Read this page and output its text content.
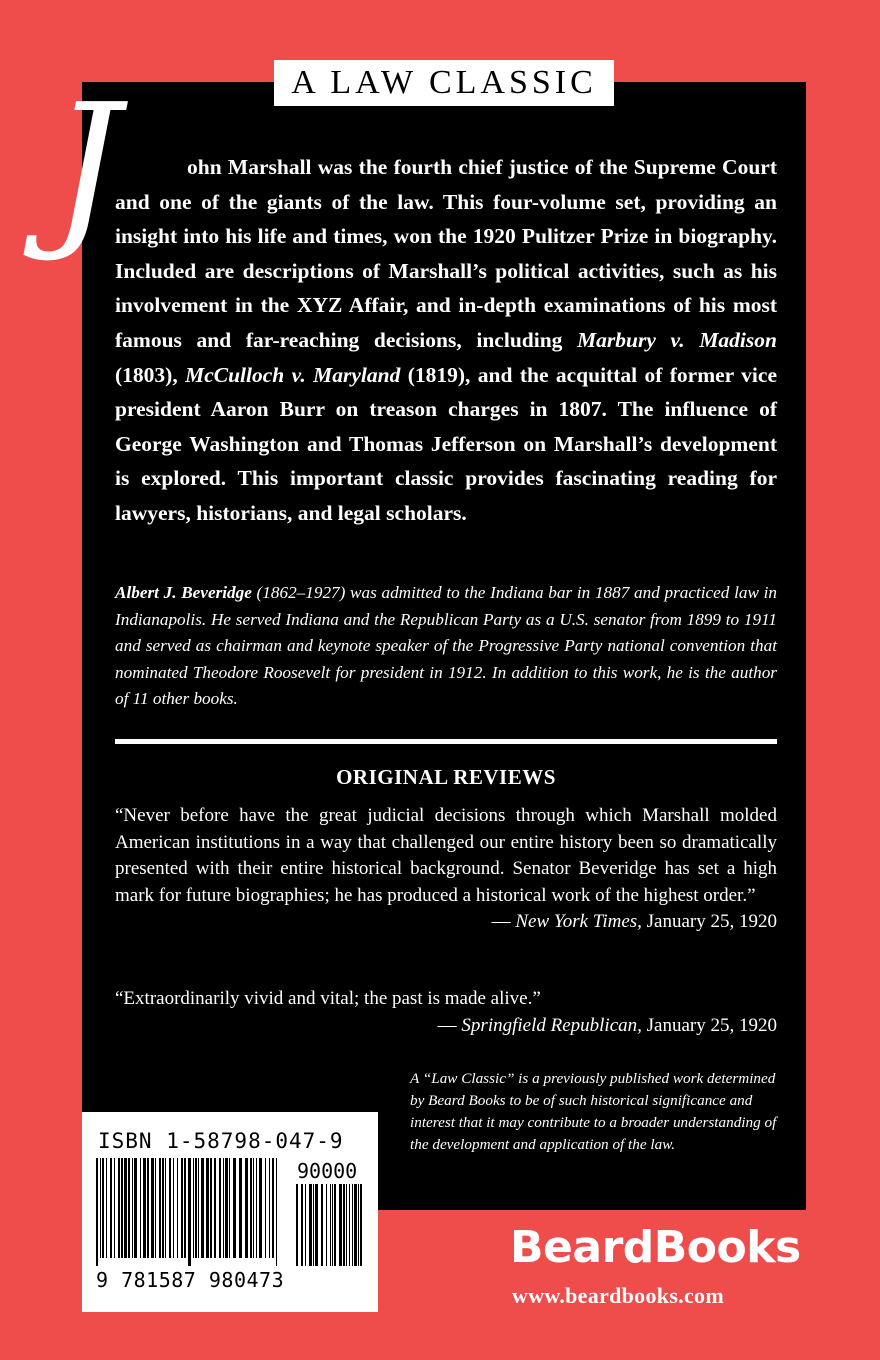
A LAW CLASSIC
J	ohn Marshall was the fourth chief justice of the Supreme Court and one of the giants of the law. This four-volume set, providing an insight into his life and times, won the 1920 Pulitzer Prize in biography. Included are descriptions of Marshall’s political activities, such as his involvement in the XYZ Affair, and in-depth examinations of his most famous and far-reaching decisions, including Marbury v. Madison (1803), McCulloch v. Maryland (1819), and the acquittal of former vice president Aaron Burr on treason charges in 1807. The influence of George Washington and Thomas Jefferson on Marshall’s development is explored. This important classic provides fascinating reading for lawyers, historians, and legal scholars.

Albert J. Beveridge (1862–1927) was admitted to the Indiana bar in 1887 and practiced law in Indianapolis. He served Indiana and the Republican Party as a U.S. senator from 1899 to 1911 and served as chairman and keynote speaker of the Progressive Party national convention that nominated Theodore Roosevelt for president in 1912. In addition to this work, he is the author of 11 other books.
ORIGINAL REVIEWS

“Never before have the great judicial decisions through which Marshall molded American institutions in a way that challenged our entire history been so dramatically presented with their entire historical background. Senator Beveridge has set a high mark for future biographies; he has produced a historical work of the highest order.”

— New York Times, January 25, 1920

“Extraordinarily vivid and vital; the past is made alive.”

— Springfield Republican, January 25, 1920

A “Law Classic” is a previously published work determined by Beard Books to be of such historical significance and interest that it may contribute to a broader understanding of the development and application of the law.
ISBN 1-58798-047-9
90000
9 781587 980473
BeardBooks
www.beardbooks.com
